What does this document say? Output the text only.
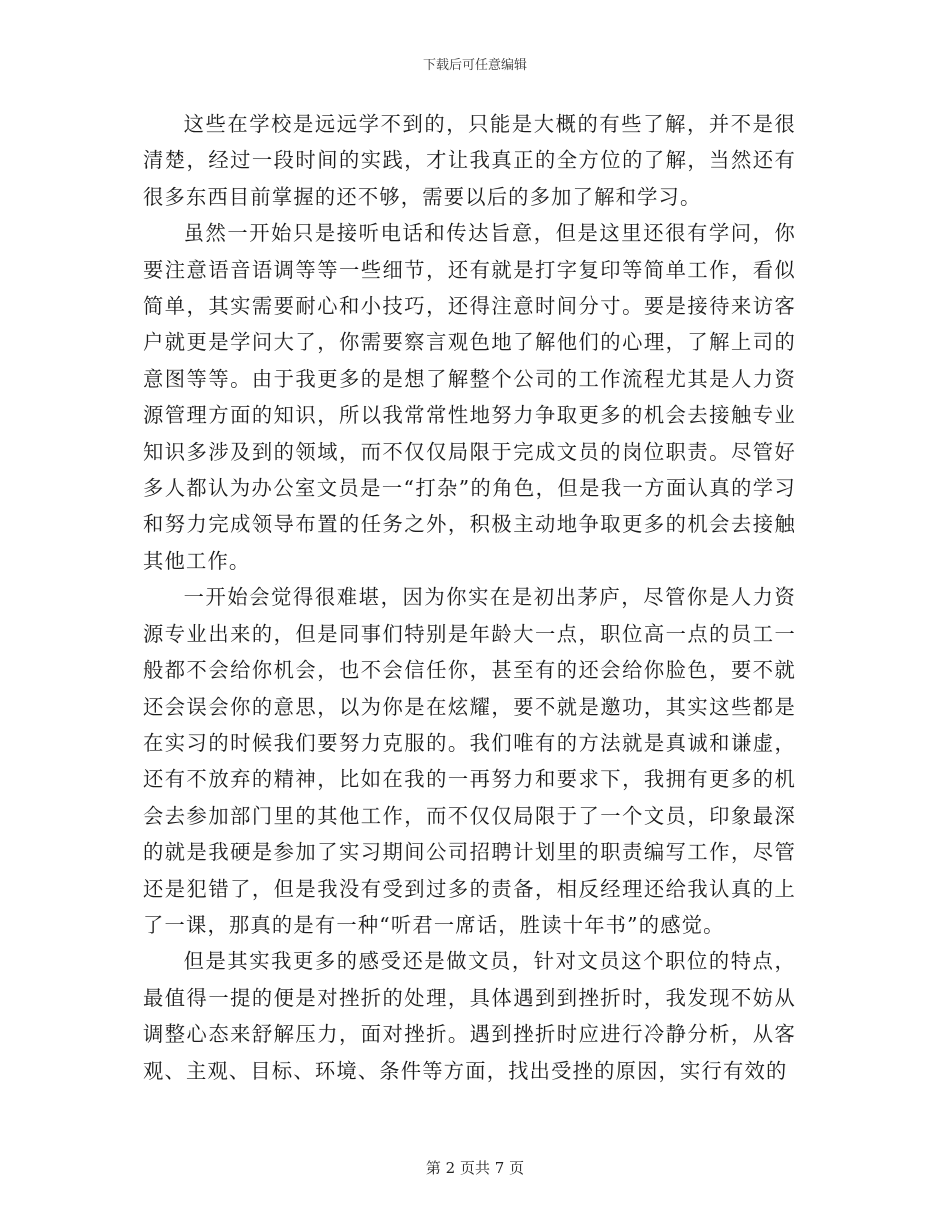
下载后可任意编辑

这些在学校是远远学不到的，只能是大概的有些了解，并不是很清楚，经过一段时间的实践，才让我真正的全方位的了解，当然还有很多东西目前掌握的还不够，需要以后的多加了解和学习。

虽然一开始只是接听电话和传达旨意，但是这里还很有学问，你要注意语音语调等等一些细节，还有就是打字复印等简单工作，看似简单，其实需要耐心和小技巧，还得注意时间分寸。要是接待来访客户就更是学问大了，你需要察言观色地了解他们的心理，了解上司的意图等等。由于我更多的是想了解整个公司的工作流程尤其是人力资源管理方面的知识，所以我常常性地努力争取更多的机会去接触专业知识多涉及到的领域，而不仅仅局限于完成文员的岗位职责。尽管好多人都认为办公室文员是一“打杂”的角色，但是我一方面认真的学习和努力完成领导布置的任务之外，积极主动地争取更多的机会去接触其他工作。

一开始会觉得很难堪，因为你实在是初出茅庐，尽管你是人力资源专业出来的，但是同事们特别是年龄大一点，职位高一点的员工一般都不会给你机会，也不会信任你，甚至有的还会给你脸色，要不就还会误会你的意思，以为你是在炫耀，要不就是邀功，其实这些都是在实习的时候我们要努力克服的。我们唯有的方法就是真诚和谦虚，还有不放弃的精神，比如在我的一再努力和要求下，我拥有更多的机会去参加部门里的其他工作，而不仅仅局限于了一个文员，印象最深的就是我硬是参加了实习期间公司招聘计划里的职责编写工作，尽管还是犯错了，但是我没有受到过多的责备，相反经理还给我认真的上了一课，那真的是有一种“听君一席话，胜读十年书”的感觉。

但是其实我更多的感受还是做文员，针对文员这个职位的特点，最值得一提的便是对挫折的处理，具体遇到到挫折时，我发现不妨从调整心态来舒解压力，面对挫折。遇到挫折时应进行冷静分析，从客观、主观、目标、环境、条件等方面，找出受挫的原因，实行有效的

第 2 页共 7 页
